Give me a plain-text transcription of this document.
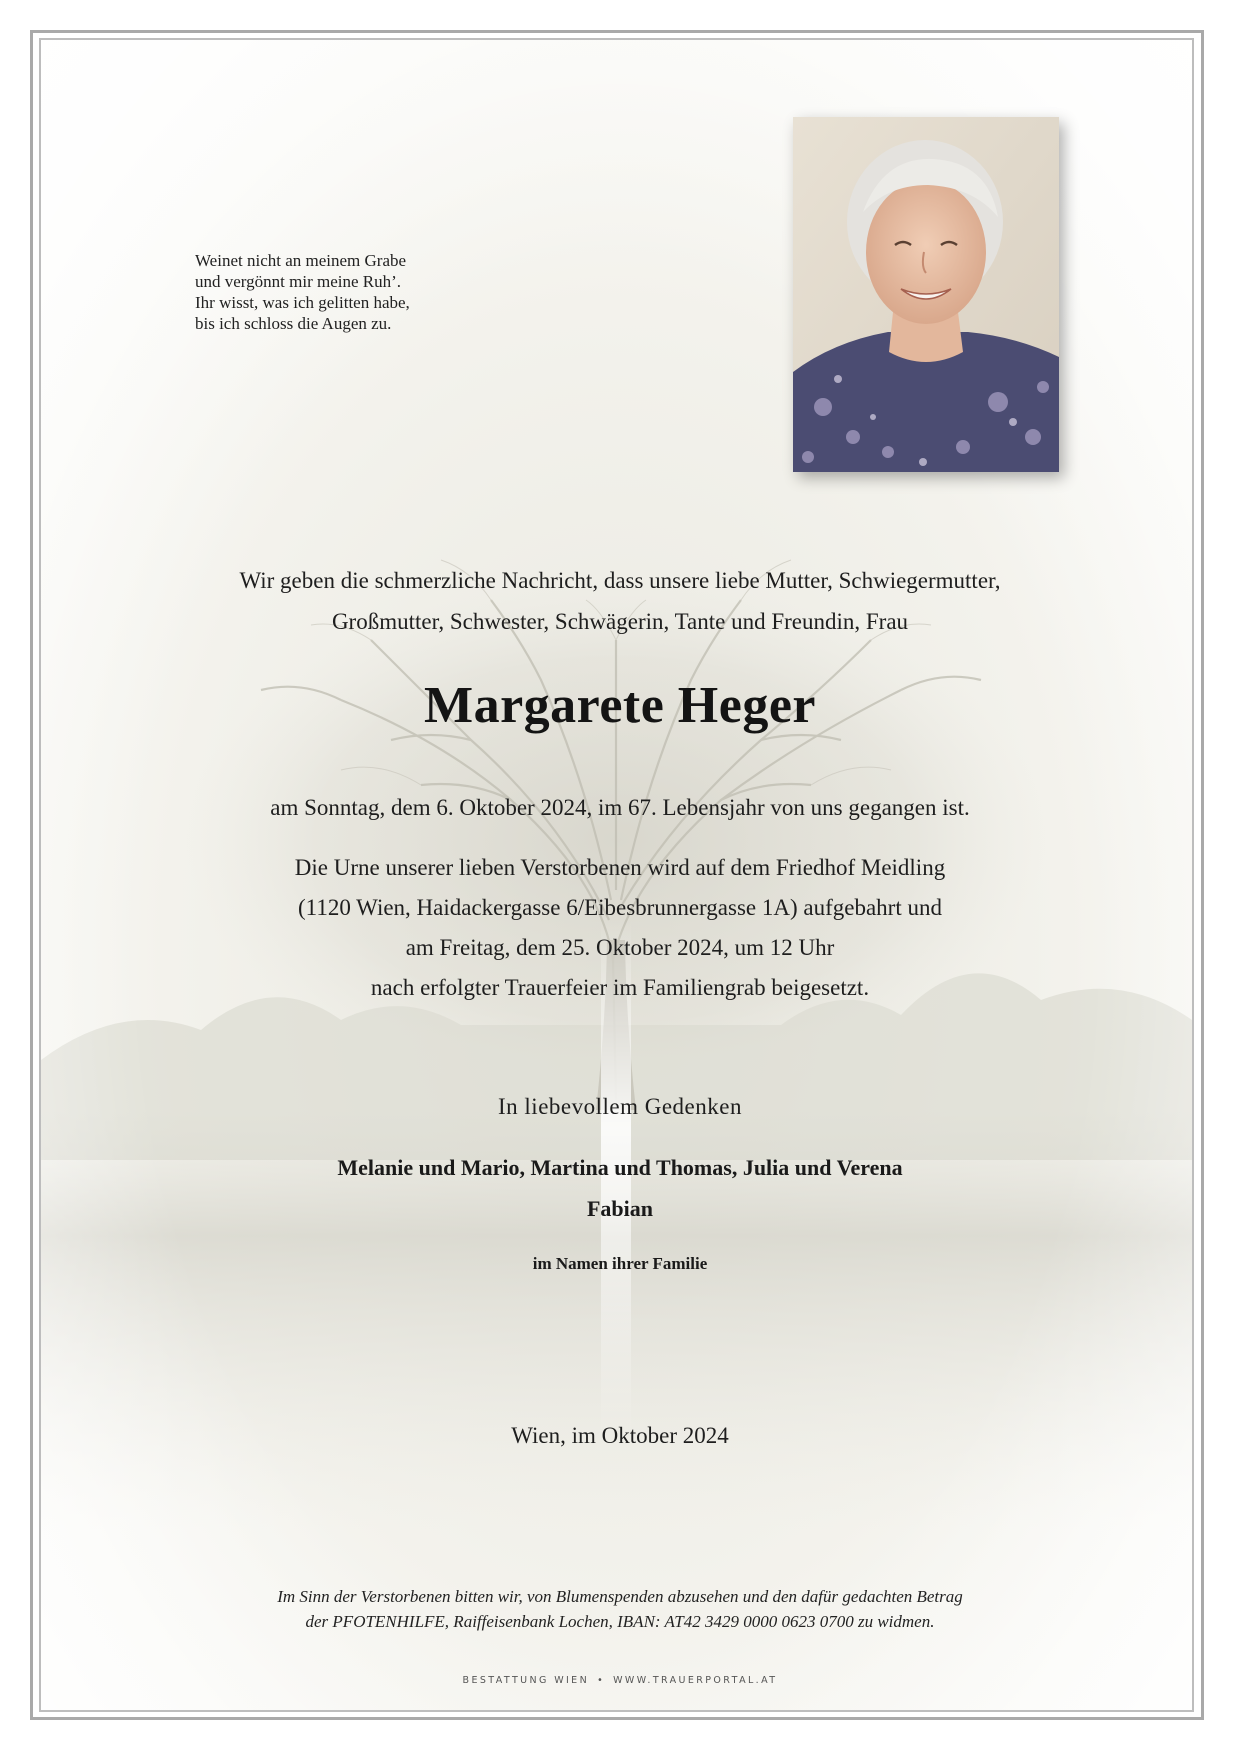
Weinet nicht an meinem Grabe
und vergönnt mir meine Ruh’.
Ihr wisst, was ich gelitten habe,
bis ich schloss die Augen zu.
Wir geben die schmerzliche Nachricht, dass unsere liebe Mutter, Schwiegermutter,
Großmutter, Schwester, Schwägerin, Tante und Freundin, Frau
Margarete Heger
am Sonntag, dem 6. Oktober 2024, im 67. Lebensjahr von uns gegangen ist.
Die Urne unserer lieben Verstorbenen wird auf dem Friedhof Meidling
(1120 Wien, Haidackergasse 6/Eibesbrunnergasse 1A) aufgebahrt und
am Freitag, dem 25. Oktober 2024, um 12 Uhr
nach erfolgter Trauerfeier im Familiengrab beigesetzt.
In liebevollem Gedenken
Melanie und Mario, Martina und Thomas, Julia und Verena
Fabian
im Namen ihrer Familie
Wien, im Oktober 2024
Im Sinn der Verstorbenen bitten wir, von Blumenspenden abzusehen und den dafür gedachten Betrag
der PFOTENHILFE, Raiffeisenbank Lochen, IBAN: AT42 3429 0000 0623 0700 zu widmen.
BESTATTUNG WIEN • WWW.TRAUERPORTAL.AT
